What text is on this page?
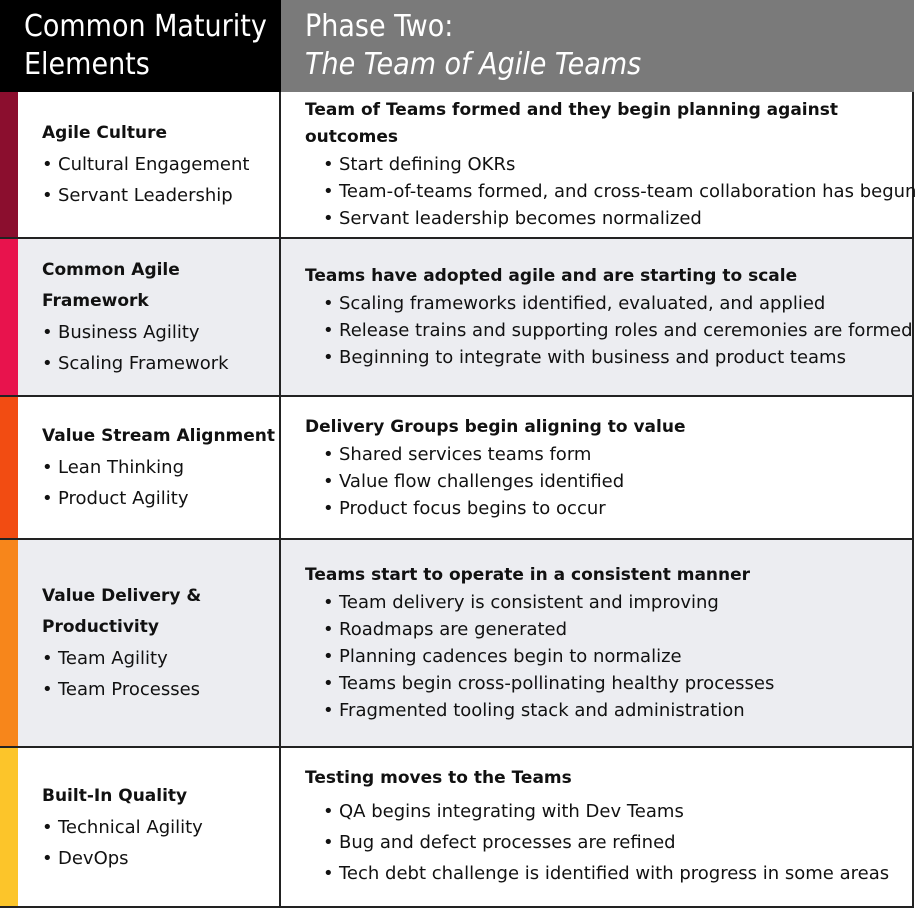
Common Maturity
Elements
Phase Two:
The Team of Agile Teams
Agile Culture
• Cultural Engagement
• Servant Leadership
Team of Teams formed and they begin planning against outcomes
• Start defining OKRs
• Team-of-teams formed, and cross-team collaboration has begun
• Servant leadership becomes normalized
Common Agile
Framework
• Business Agility
• Scaling Framework
Teams have adopted agile and are starting to scale
• Scaling frameworks identified, evaluated, and applied
• Release trains and supporting roles and ceremonies are formed
• Beginning to integrate with business and product teams
Value Stream Alignment
• Lean Thinking
• Product Agility
Delivery Groups begin aligning to value
• Shared services teams form
• Value flow challenges identified
• Product focus begins to occur
Value Delivery &
Productivity
• Team Agility
• Team Processes
Teams start to operate in a consistent manner
• Team delivery is consistent and improving
• Roadmaps are generated
• Planning cadences begin to normalize
• Teams begin cross-pollinating healthy processes
• Fragmented tooling stack and administration
Built-In Quality
• Technical Agility
• DevOps
Testing moves to the Teams
• QA begins integrating with Dev Teams
• Bug and defect processes are refined
• Tech debt challenge is identified with progress in some areas
